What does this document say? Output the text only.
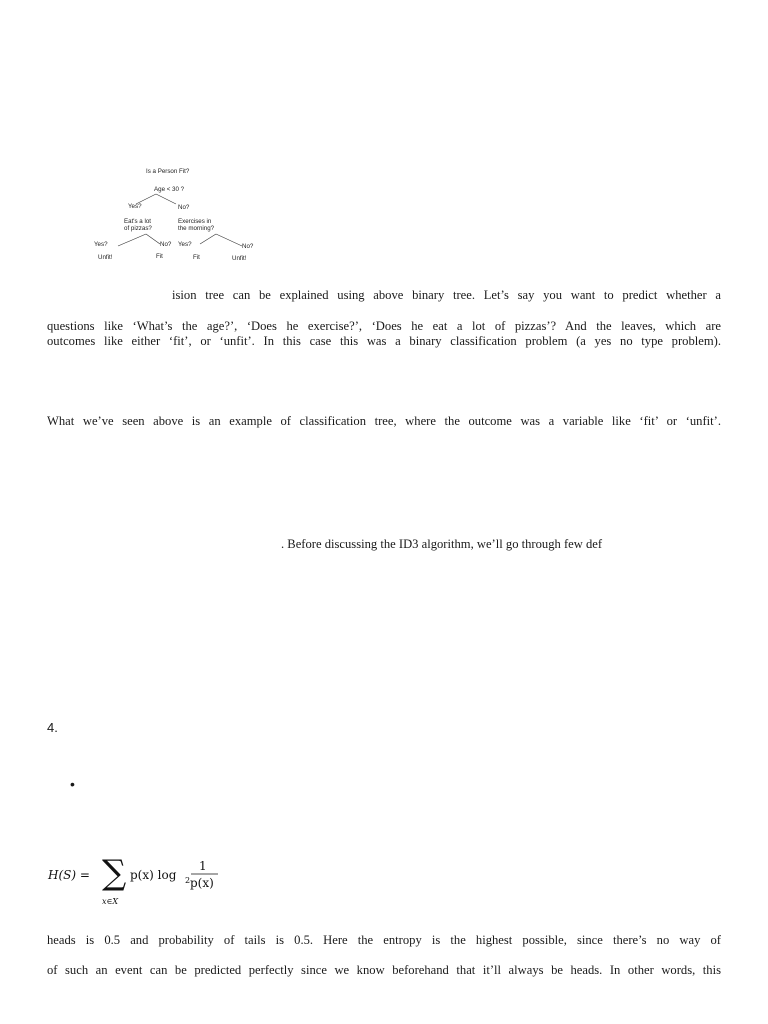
Is a Person Fit?
Age < 30 ?
Yes?	No?
Eat's a lot
of pizzas?
Exercises in
the morning?
Yes?	No? Yes?	No?
Unfit!	Fit	Fit	Unfit!
ision tree can be explained using above binary tree. Let’s say you want to predict whether a
questions like ‘What’s the age?’, ‘Does he exercise?’, ‘Does he eat a lot of pizzas’? And the leaves, which are
outcomes like either ‘fit’, or ‘unfit’. In this case this was a binary classification problem (a yes no type problem).
What we’ve seen above is an example of classification tree, where the outcome was a variable like ‘fit’ or ‘unfit’.
. Before discussing the ID3 algorithm, we’ll go through few def
4.
•
H(S) = ∑
x∈X
p(x) log 2
1
p(x)
heads is 0.5 and probability of tails is 0.5. Here the entropy is the highest possible, since there’s no way of
of such an event can be predicted perfectly since we know beforehand that it’ll always be heads. In other words, this
